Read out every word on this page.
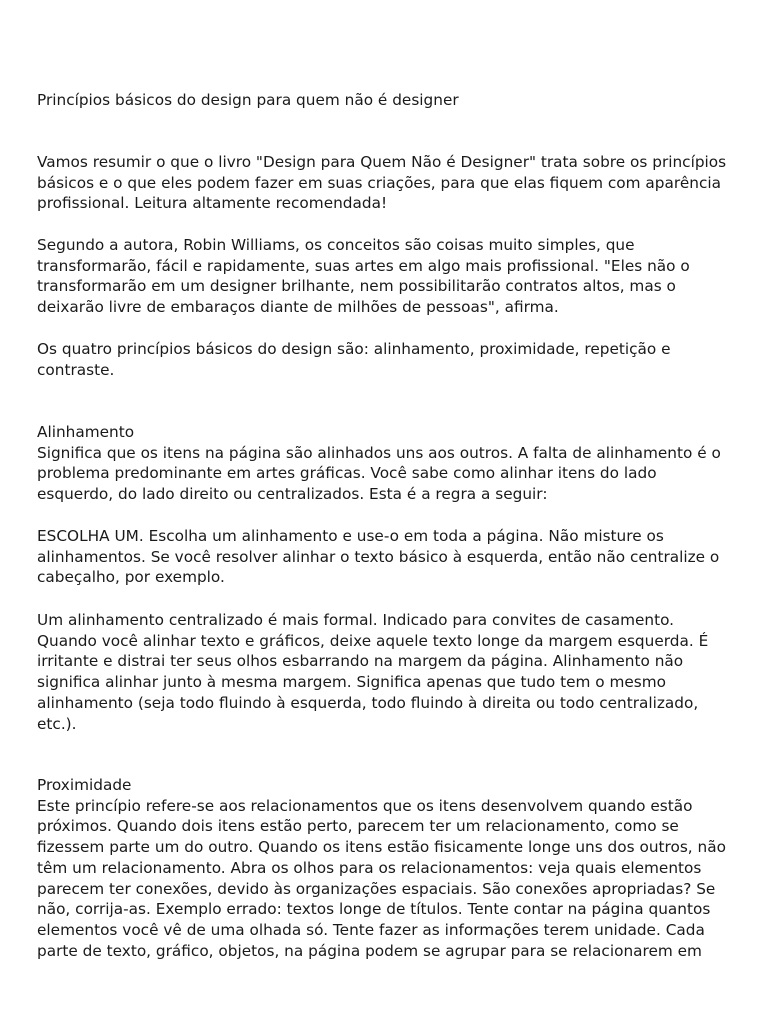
Princípios básicos do design para quem não é designer

Vamos resumir o que o livro "Design para Quem Não é Designer" trata sobre os princípios
básicos e o que eles podem fazer em suas criações, para que elas fiquem com aparência
profissional. Leitura altamente recomendada!

Segundo a autora, Robin Williams, os conceitos são coisas muito simples, que
transformarão, fácil e rapidamente, suas artes em algo mais profissional. "Eles não o
transformarão em um designer brilhante, nem possibilitarão contratos altos, mas o
deixarão livre de embaraços diante de milhões de pessoas", afirma.

Os quatro princípios básicos do design são: alinhamento, proximidade, repetição e
contraste.

Alinhamento
Significa que os itens na página são alinhados uns aos outros. A falta de alinhamento é o
problema predominante em artes gráficas. Você sabe como alinhar itens do lado
esquerdo, do lado direito ou centralizados. Esta é a regra a seguir:

ESCOLHA UM. Escolha um alinhamento e use-o em toda a página. Não misture os
alinhamentos. Se você resolver alinhar o texto básico à esquerda, então não centralize o
cabeçalho, por exemplo.

Um alinhamento centralizado é mais formal. Indicado para convites de casamento.
Quando você alinhar texto e gráficos, deixe aquele texto longe da margem esquerda. É
irritante e distrai ter seus olhos esbarrando na margem da página. Alinhamento não
significa alinhar junto à mesma margem. Significa apenas que tudo tem o mesmo
alinhamento (seja todo fluindo à esquerda, todo fluindo à direita ou todo centralizado,
etc.).

Proximidade
Este princípio refere-se aos relacionamentos que os itens desenvolvem quando estão
próximos. Quando dois itens estão perto, parecem ter um relacionamento, como se
fizessem parte um do outro. Quando os itens estão fisicamente longe uns dos outros, não
têm um relacionamento. Abra os olhos para os relacionamentos: veja quais elementos
parecem ter conexões, devido às organizações espaciais. São conexões apropriadas? Se
não, corrija-as. Exemplo errado: textos longe de títulos. Tente contar na página quantos
elementos você vê de uma olhada só. Tente fazer as informações terem unidade. Cada
parte de texto, gráfico, objetos, na página podem se agrupar para se relacionarem em
